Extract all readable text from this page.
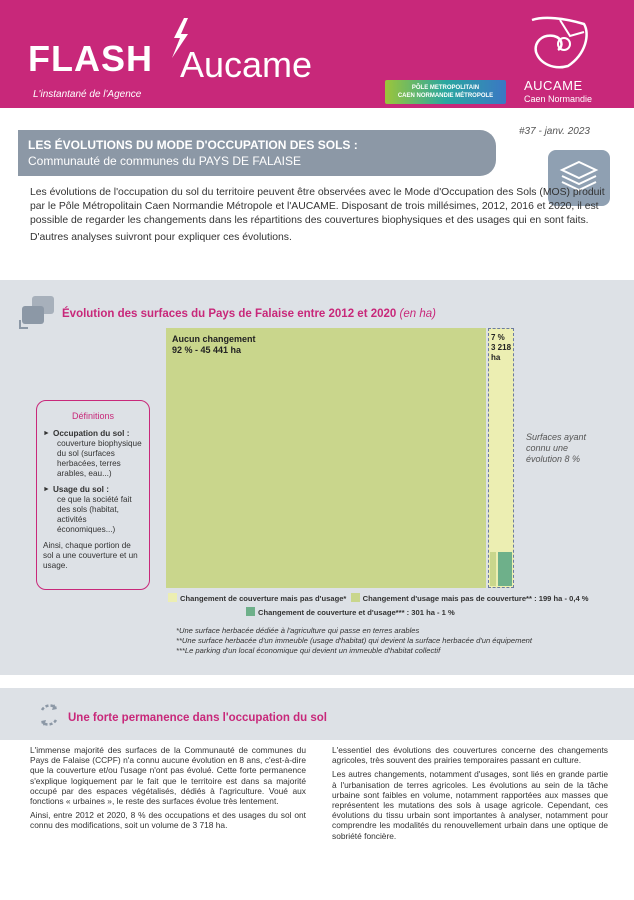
FLASH Aucame
L'instantané de l'Agence
PÔLE METROPOLITAIN
CAEN NORMANDIE MÉTROPOLE
AUCAME
Caen Normandie
#37 - janv. 2023
LES ÉVOLUTIONS DU MODE D'OCCUPATION DES SOLS :
Communauté de communes du PAYS DE FALAISE

Les évolutions de l'occupation du sol du territoire peuvent être observées avec le Mode d'Occupation des Sols (MOS) produit par le Pôle Métropolitain Caen Normandie Métropole et l'AUCAME. Disposant de trois millésimes, 2012, 2016 et 2020, il est possible de regarder les changements dans les répartitions des couvertures biophysiques et des usages qui en sont faits.

D'autres analyses suivront pour expliquer ces évolutions.

Évolution des surfaces du Pays de Falaise entre 2012 et 2020 (en ha)
Définitions
► Occupation du sol :
couverture biophysique du sol (surfaces herbacées, terres arables, eau...)
► Usage du sol :
ce que la société fait des sols (habitat, activités économiques...)
Ainsi, chaque portion de sol a une couverture et un usage.
Aucun changement
92 % - 45 441 ha
7 %
3 218
ha
Surfaces ayant connu une évolution 8 %
Changement de couverture mais pas d'usage* Changement d'usage mais pas de couverture** : 199 ha - 0,4 %
Changement de couverture et d'usage*** : 301 ha - 1 %
*Une surface herbacée dédiée à l'agriculture qui passe en terres arables
**Une surface herbacée d'un immeuble (usage d'habitat) qui devient la surface herbacée d'un équipement
***Le parking d'un local économique qui devient un immeuble d'habitat collectif
Une forte permanence dans l'occupation du sol

L'immense majorité des surfaces de la Communauté de communes du Pays de Falaise (CCPF) n'a connu aucune évolution en 8 ans, c'est-à-dire que la couverture et/ou l'usage n'ont pas évolué. Cette forte permanence s'explique logiquement par le fait que le territoire est dans sa majorité occupé par des espaces végétalisés, dédiés à l'agriculture. Voué aux fonctions « urbaines », le reste des surfaces évolue très lentement.

Ainsi, entre 2012 et 2020, 8 % des occupations et des usages du sol ont connu des modifications, soit un volume de 3 718 ha.

L'essentiel des évolutions des couvertures concerne des changements agricoles, très souvent des prairies temporaires passant en culture.

Les autres changements, notamment d'usages, sont liés en grande partie à l'urbanisation de terres agricoles. Les évolutions au sein de la tâche urbaine sont faibles en volume, notamment rapportées aux masses que représentent les mutations des sols à usage agricole. Cependant, ces évolutions du tissu urbain sont importantes à analyser, notamment pour comprendre les modalités du renouvellement urbain dans une optique de sobriété foncière.
